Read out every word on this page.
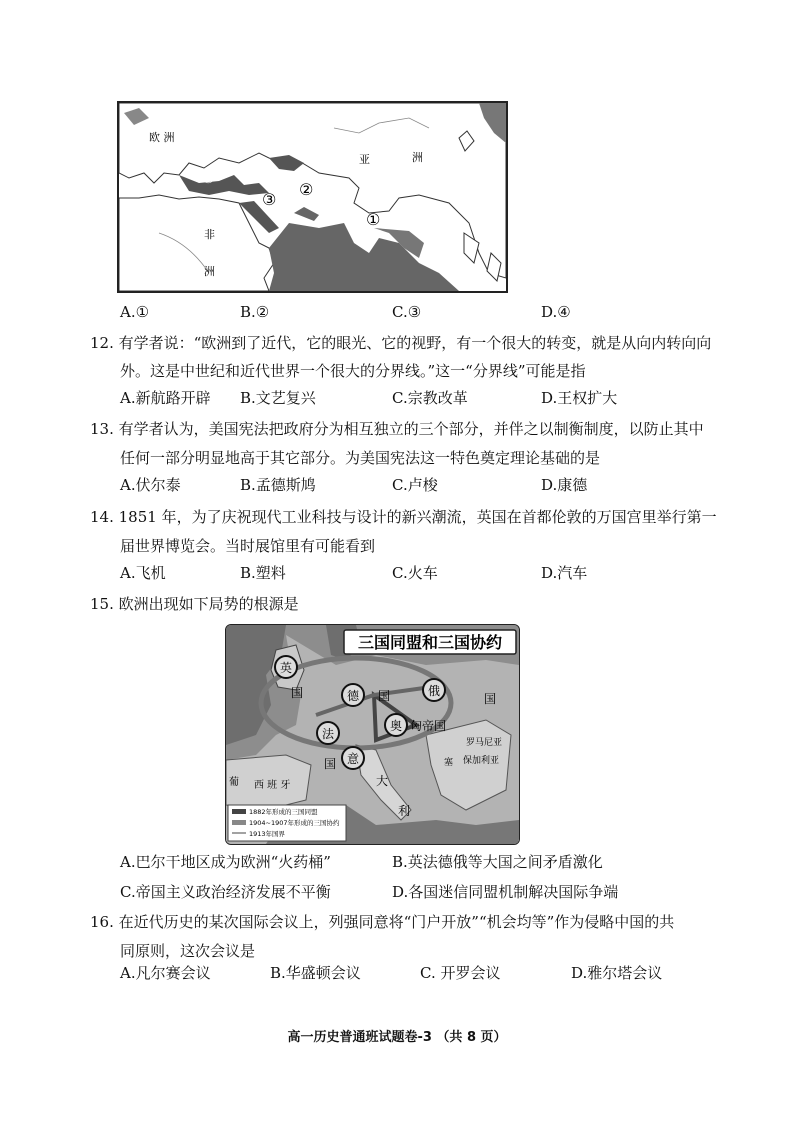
欧 洲
亚	洲
非
洲
④
②
③
①
A.①	B.②	C.③	D.④
12. 有学者说：“欧洲到了近代，它的眼光、它的视野，有一个很大的转变，就是从向内转向向
外。这是中世纪和近代世界一个很大的分界线。”这一“分界线”可能是指
A.新航路开辟 B.文艺复兴	C.宗教改革	D.王权扩大
13. 有学者认为，美国宪法把政府分为相互独立的三个部分，并伴之以制衡制度，以防止其中
任何一部分明显地高于其它部分。为美国宪法这一特色奠定理论基础的是
A.伏尔泰	B.孟德斯鸠	C.卢梭	D.康德
14. 1851 年，为了庆祝现代工业科技与设计的新兴潮流，英国在首都伦敦的万国宫里举行第一
届世界博览会。当时展馆里有可能看到
A.飞机	B.塑料	C.火车	D.汽车
15. 欧洲出现如下局势的根源是
三国同盟和三国协约
英
国	德 国	俄
国
法
国
奥 匈帝国
意
大
利
西 班 牙
葡
罗马尼亚
塞 保加利亚
1882年形成的三国同盟
1904~1907年形成的三国协约
1913年国界
A.巴尔干地区成为欧洲“火药桶”	B.英法德俄等大国之间矛盾激化
C.帝国主义政治经济发展不平衡	D.各国迷信同盟机制解决国际争端
16. 在近代历史的某次国际会议上，列强同意将“门户开放”“机会均等”作为侵略中国的共
同原则，这次会议是
A.凡尔赛会议	B.华盛顿会议	C. 开罗会议	D.雅尔塔会议
高一历史普通班试题卷-3 （共 8 页）
